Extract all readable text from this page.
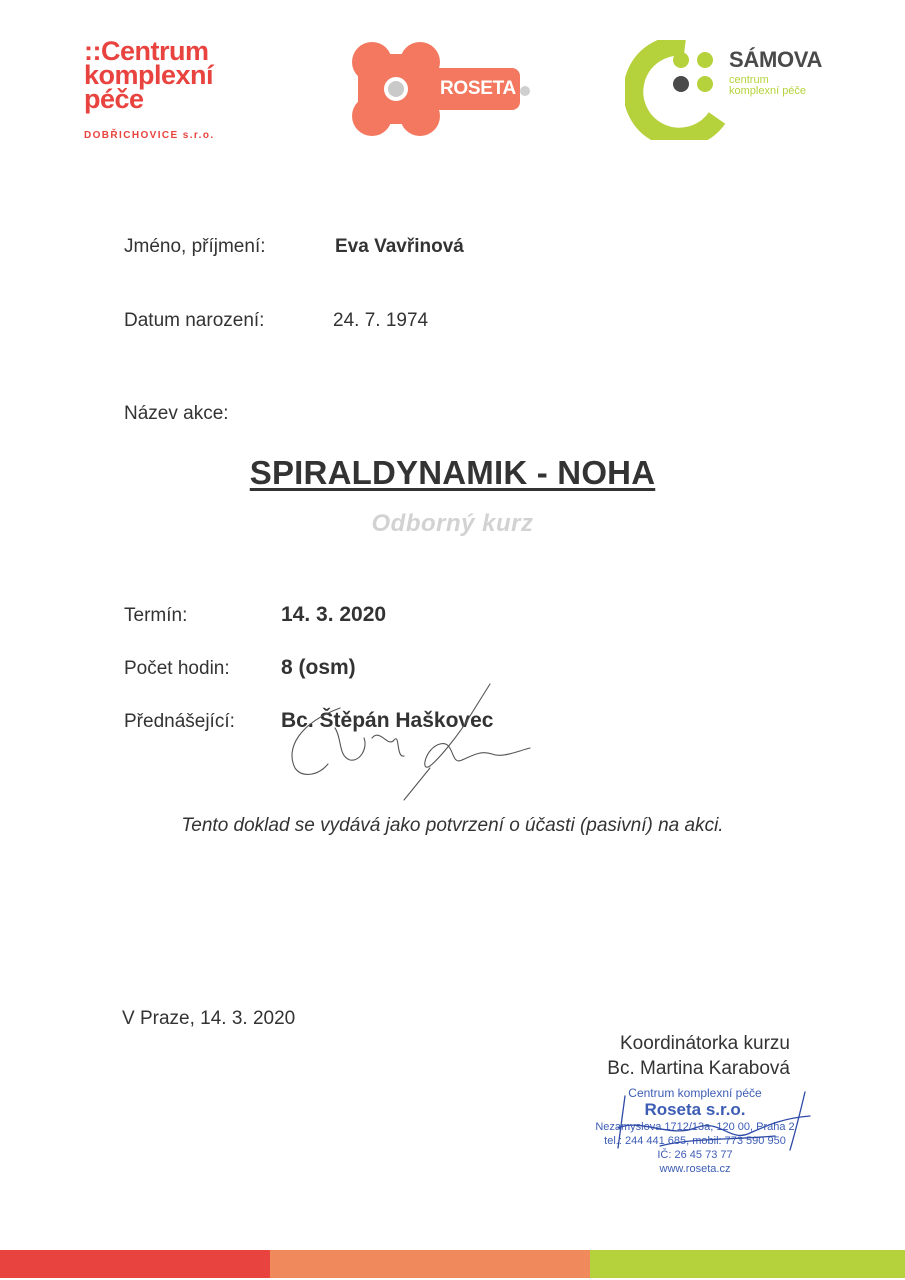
::Centrum
komplexní
péče
DOBŘICHOVICE s.r.o.
ROSETA
SÁMOVA
centrum
komplexní péče
Jméno, příjmení:	Eva Vavřinová
Datum narození:	24. 7. 1974
Název akce:
SPIRALDYNAMIK - NOHA
Odborný kurz
Termín:	14. 3. 2020
Počet hodin: 8 (osm)
Přednášející: Bc. Štěpán Haškovec
Tento doklad se vydává jako potvrzení o účasti (pasivní) na akci.
V Praze, 14. 3. 2020
Koordinátorka kurzu
Bc. Martina Karabová
Centrum komplexní péče
Roseta s.r.o.
Nezamyslova 1712/13a, 120 00, Praha 2
tel.: 244 441 685, mobil: 773 590 950
IČ: 26 45 73 77
www.roseta.cz
